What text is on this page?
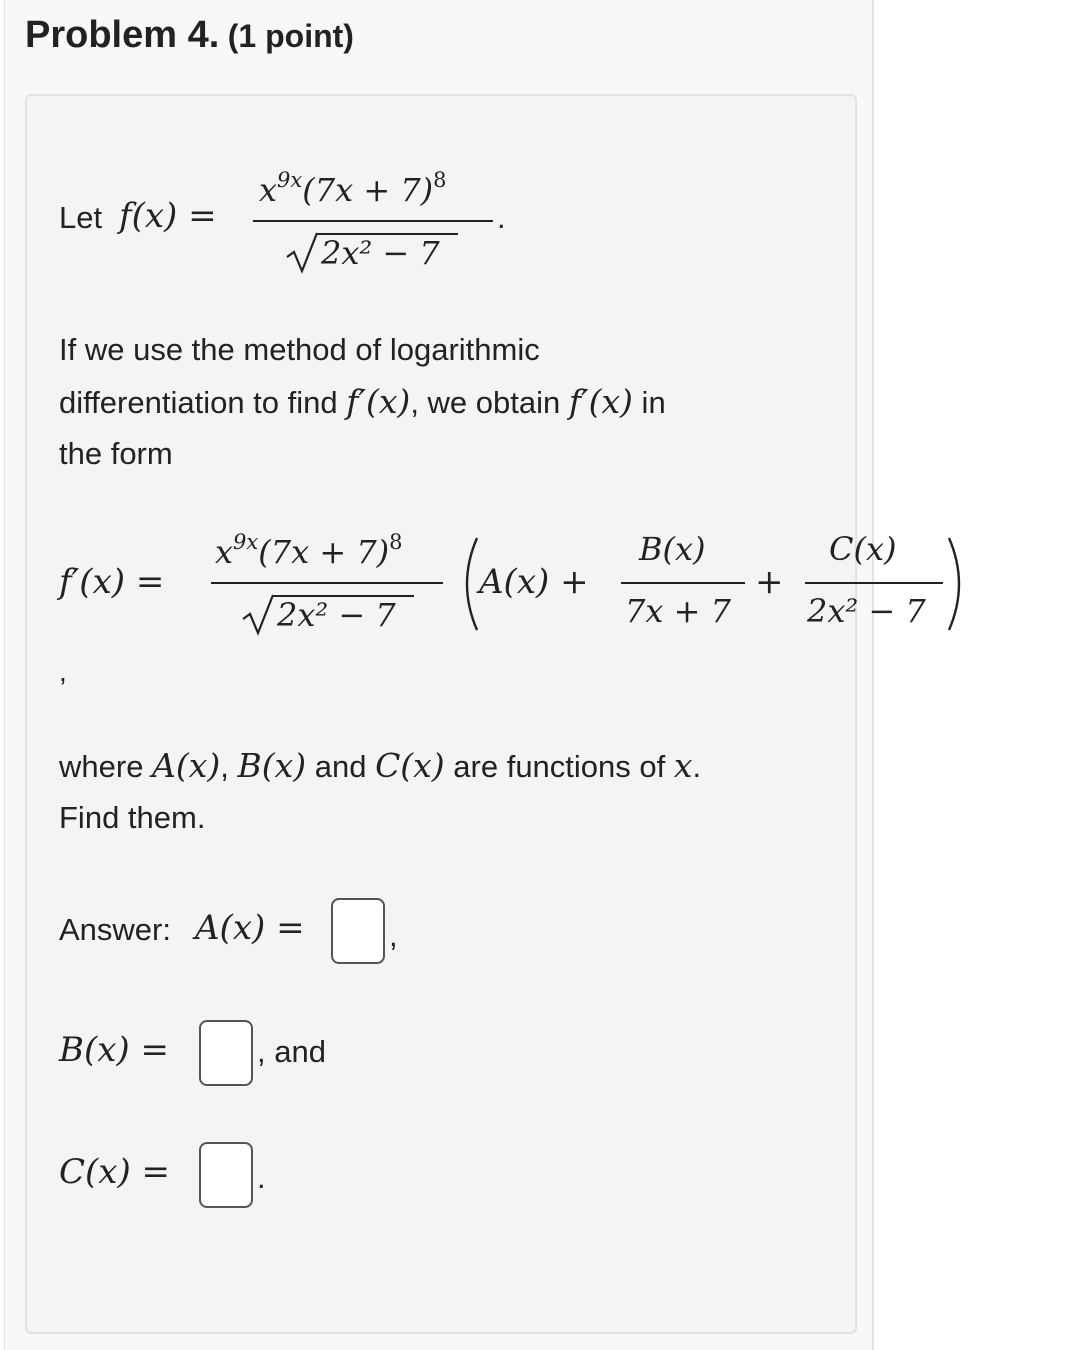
Problem 4. (1 point)
Let f(x) =
$x^{9x}(7x + 7)^8$
2x² − 7
.
If we use the method of logarithmic
differentiation to find f′(x), we obtain f′(x) in
the form
f′(x) =
$x^{9x}(7x + 7)^8$
2x² − 7
A(x) +
B(x)
7x + 7
+
C(x)
2x² − 7
,
where A(x), B(x) and C(x) are functions of x.
Find them.
Answer: A(x) =	,
B(x) =	, and
C(x) =	.
